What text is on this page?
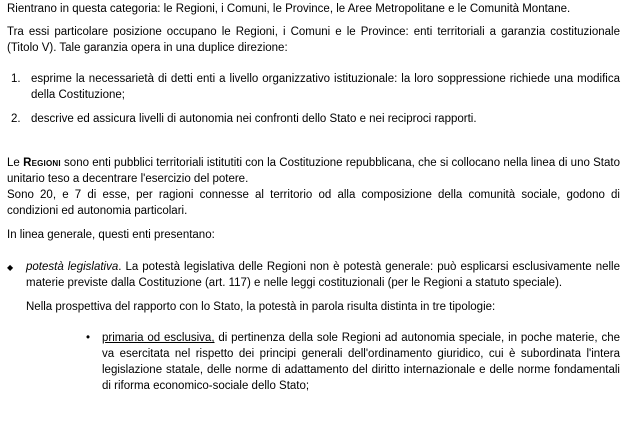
Rientrano in questa categoria: le Regioni, i Comuni, le Province, le Aree Metropolitane e le Comunità Montane.

Tra essi particolare posizione occupano le Regioni, i Comuni e le Province: enti territoriali a garanzia costituzionale (Titolo V). Tale garanzia opera in una duplice direzione:

1. esprime la necessarietà di detti enti a livello organizzativo istituzionale: la loro soppressione richiede una modifica della Costituzione;
2. descrive ed assicura livelli di autonomia nei confronti dello Stato e nei reciproci rapporti.

Le Regioni sono enti pubblici territoriali istitutiti con la Costituzione repubblicana, che si collocano nella linea di uno Stato unitario teso a decentrare l'esercizio del potere.

Sono 20, e 7 di esse, per ragioni connesse al territorio od alla composizione della comunità sociale, godono di condizioni ed autonomia particolari.

In linea generale, questi enti presentano:

◆	potestà legislativa. La potestà legislativa delle Regioni non è potestà generale: può esplicarsi esclusivamente nelle materie previste dalla Costituzione (art. 117) e nelle leggi costituzionali (per le Regioni a statuto speciale).

Nella prospettiva del rapporto con lo Stato, la potestà in parola risulta distinta in tre tipologie:

•	primaria od esclusiva, di pertinenza della sole Regioni ad autonomia speciale, in poche materie, che va esercitata nel rispetto dei principi generali dell'ordinamento giuridico, cui è subordinata l'intera legislazione statale, delle norme di adattamento del diritto internazionale e delle norme fondamentali di riforma economico-sociale dello Stato;
